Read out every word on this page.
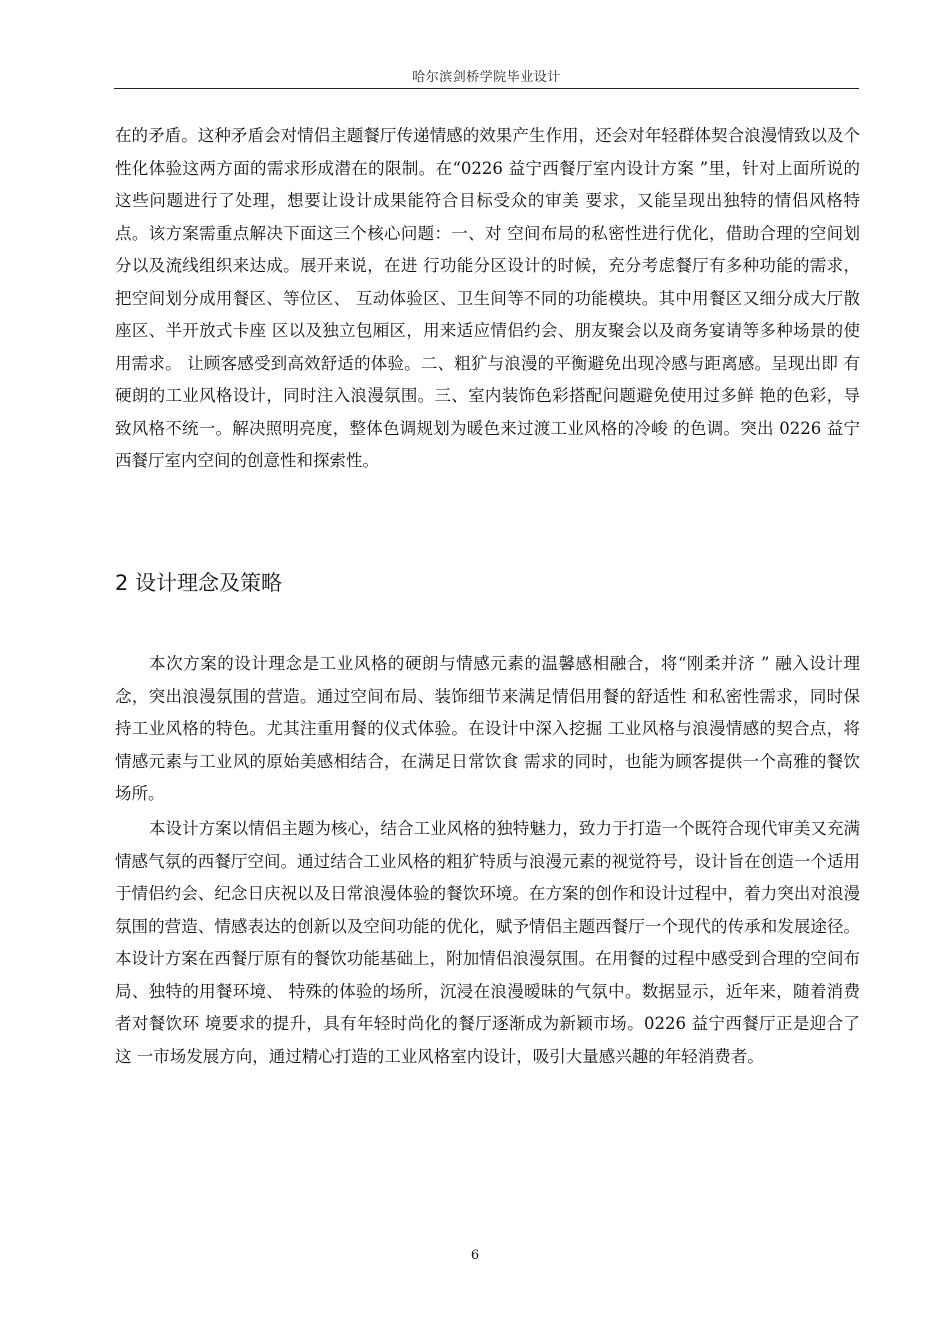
哈尔滨剑桥学院毕业设计

在的矛盾。这种矛盾会对情侣主题餐厅传递情感的效果产生作用，还会对年轻群体契合浪漫情致以及个性化体验这两方面的需求形成潜在的限制。在“0226 益宁西餐厅室内设计方案 ”里，针对上面所说的这些问题进行了处理，想要让设计成果能符合目标受众的审美 要求，又能呈现出独特的情侣风格特点。该方案需重点解决下面这三个核心问题：一、对 空间布局的私密性进行优化，借助合理的空间划分以及流线组织来达成。展开来说，在进 行功能分区设计的时候，充分考虑餐厅有多种功能的需求，把空间划分成用餐区、等位区、 互动体验区、卫生间等不同的功能模块。其中用餐区又细分成大厅散座区、半开放式卡座 区以及独立包厢区，用来适应情侣约会、朋友聚会以及商务宴请等多种场景的使用需求。 让顾客感受到高效舒适的体验。二、粗犷与浪漫的平衡避免出现冷感与距离感。呈现出即 有硬朗的工业风格设计，同时注入浪漫氛围。三、室内装饰色彩搭配问题避免使用过多鲜 艳的色彩，导致风格不统一。解决照明亮度，整体色调规划为暖色来过渡工业风格的冷峻 的色调。突出 0226 益宁西餐厅室内空间的创意性和探索性。

2 设计理念及策略

本次方案的设计理念是工业风格的硬朗与情感元素的温馨感相融合，将“刚柔并济 ” 融入设计理念，突出浪漫氛围的营造。通过空间布局、装饰细节来满足情侣用餐的舒适性 和私密性需求，同时保持工业风格的特色。尤其注重用餐的仪式体验。在设计中深入挖掘 工业风格与浪漫情感的契合点，将情感元素与工业风的原始美感相结合，在满足日常饮食 需求的同时，也能为顾客提供一个高雅的餐饮场所。

本设计方案以情侣主题为核心，结合工业风格的独特魅力，致力于打造一个既符合现代审美又充满情感气氛的西餐厅空间。通过结合工业风格的粗犷特质与浪漫元素的视觉符号，设计旨在创造一个适用于情侣约会、纪念日庆祝以及日常浪漫体验的餐饮环境。在方案的创作和设计过程中，着力突出对浪漫氛围的营造、情感表达的创新以及空间功能的优化，赋予情侣主题西餐厅一个现代的传承和发展途径。本设计方案在西餐厅原有的餐饮功能基础上，附加情侣浪漫氛围。在用餐的过程中感受到合理的空间布局、独特的用餐环境、 特殊的体验的场所，沉浸在浪漫暧昧的气氛中。数据显示，近年来，随着消费者对餐饮环 境要求的提升，具有年轻时尚化的餐厅逐渐成为新颖市场。0226 益宁西餐厅正是迎合了这 一市场发展方向，通过精心打造的工业风格室内设计，吸引大量感兴趣的年轻消费者。

6
